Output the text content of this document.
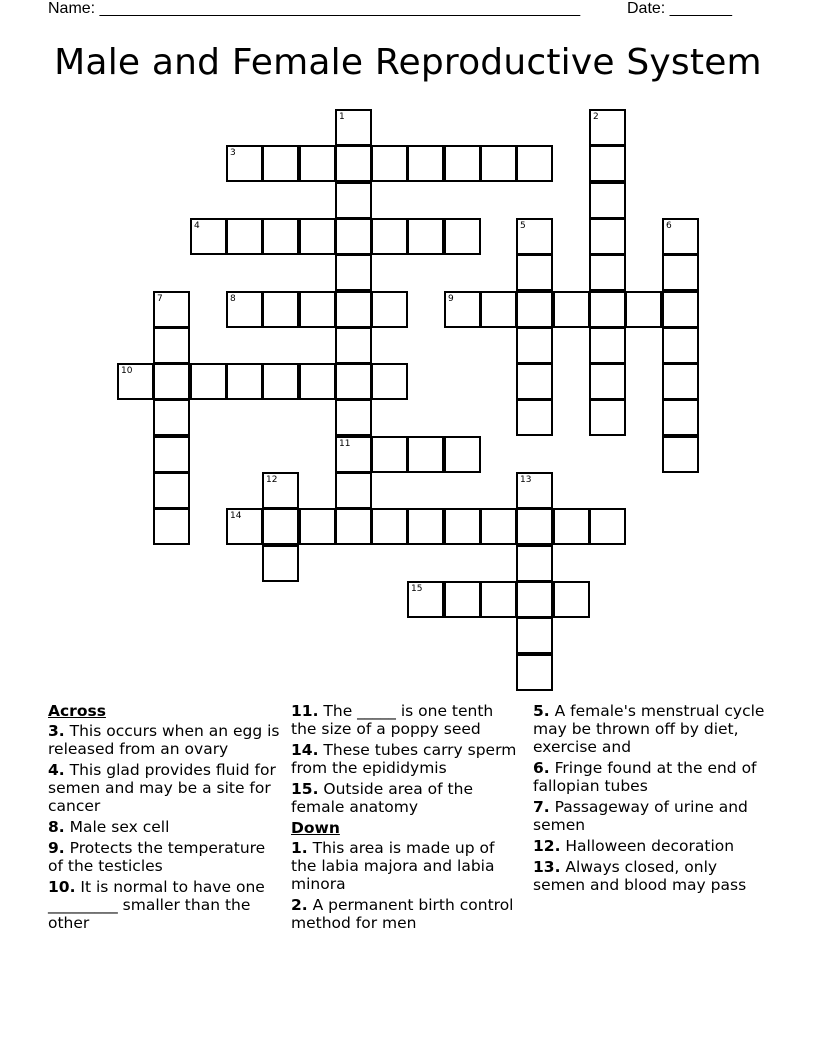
Name: ______________________________________________________	Date: _______
Male and Female Reproductive System
1
11
2
3
4	5	6
7	8	9
10
12	13
14
15
Across
3. This occurs when an egg is released from an ovary
4. This glad provides fluid for semen and may be a site for cancer
8. Male sex cell
9. Protects the temperature of the testicles
10. It is normal to have one _________ smaller than the other
11. The _____ is one tenth the size of a poppy seed
14. These tubes carry sperm from the epididymis
15. Outside area of the female anatomy
Down
1. This area is made up of the labia majora and labia minora
2. A permanent birth control method for men
5. A female's menstrual cycle may be thrown off by diet, exercise and
6. Fringe found at the end of fallopian tubes
7. Passageway of urine and semen
12. Halloween decoration
13. Always closed, only semen and blood may pass
